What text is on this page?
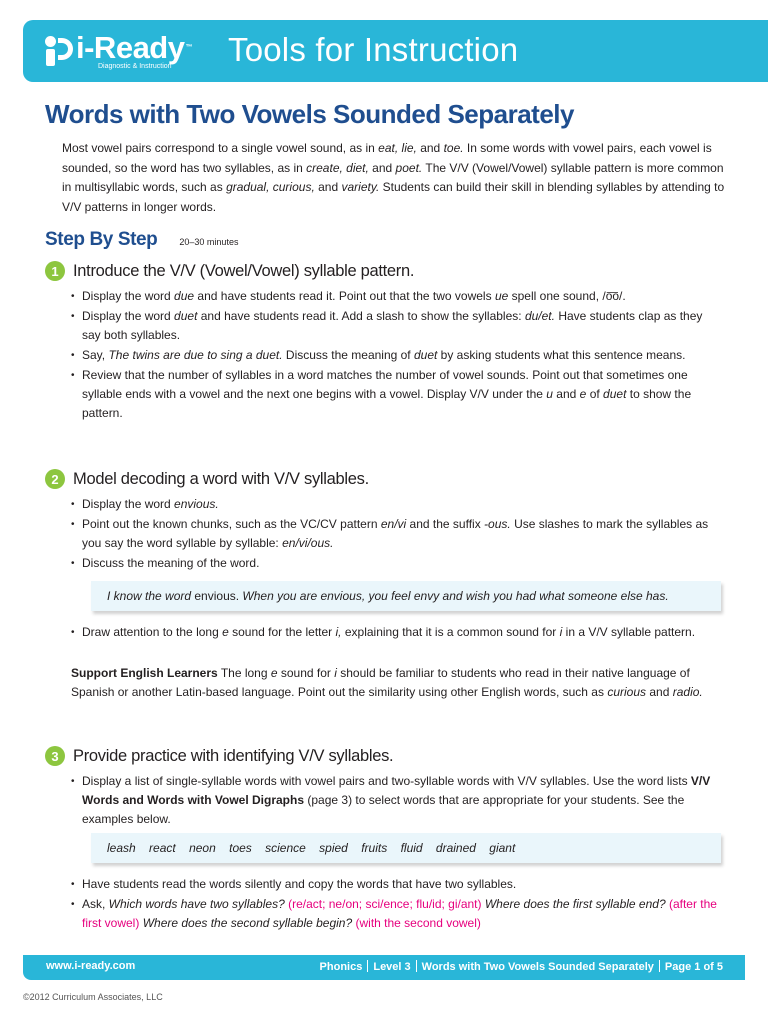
i-Ready™
Diagnostic & Instruction	Tools for Instruction
Words with Two Vowels Sounded Separately

Most vowel pairs correspond to a single vowel sound, as in eat, lie, and toe. In some words with vowel pairs, each vowel is sounded, so the word has two syllables, as in create, diet, and poet. The V/V (Vowel/Vowel) syllable pattern is more common in multisyllabic words, such as gradual, curious, and variety. Students can build their skill in blending syllables by attending to V/V patterns in longer words.

Step By Step 20–30 minutes
1 Introduce the V/V (Vowel/Vowel) syllable pattern.
• Display the word due and have students read it. Point out that the two vowels ue spell one sound, /o͞o/.
• Display the word duet and have students read it. Add a slash to show the syllables: du/et. Have students clap as they say both syllables.
• Say, The twins are due to sing a duet. Discuss the meaning of duet by asking students what this sentence means.
• Review that the number of syllables in a word matches the number of vowel sounds. Point out that sometimes one syllable ends with a vowel and the next one begins with a vowel. Display V/V under the u and e of duet to show the pattern.
2 Model decoding a word with V/V syllables.
• Display the word envious.
• Point out the known chunks, such as the VC/CV pattern en/vi and the suffix -ous. Use slashes to mark the syllables as you say the word syllable by syllable: en/vi/ous.
• Discuss the meaning of the word.
I know the word envious. When you are envious, you feel envy and wish you had what someone else has.
• Draw attention to the long e sound for the letter i, explaining that it is a common sound for i in a V/V syllable pattern.

Support English Learners The long e sound for i should be familiar to students who read in their native language of Spanish or another Latin-based language. Point out the similarity using other English words, such as curious and radio.

3 Provide practice with identifying V/V syllables.
• Display a list of single-syllable words with vowel pairs and two-syllable words with V/V syllables. Use the word lists V/V Words and Words with Vowel Digraphs (page 3) to select words that are appropriate for your students. See the examples below.
leash react neon toes science spied fruits fluid drained giant
• Have students read the words silently and copy the words that have two syllables.
• Ask, Which words have two syllables? (re/act; ne/on; sci/ence; flu/id; gi/ant) Where does the first syllable end? (after the first vowel) Where does the second syllable begin? (with the second vowel)
www.i-ready.com	Phonics Level 3 Words with Two Vowels Sounded Separately Page 1 of 5
©2012 Curriculum Associates, LLC
